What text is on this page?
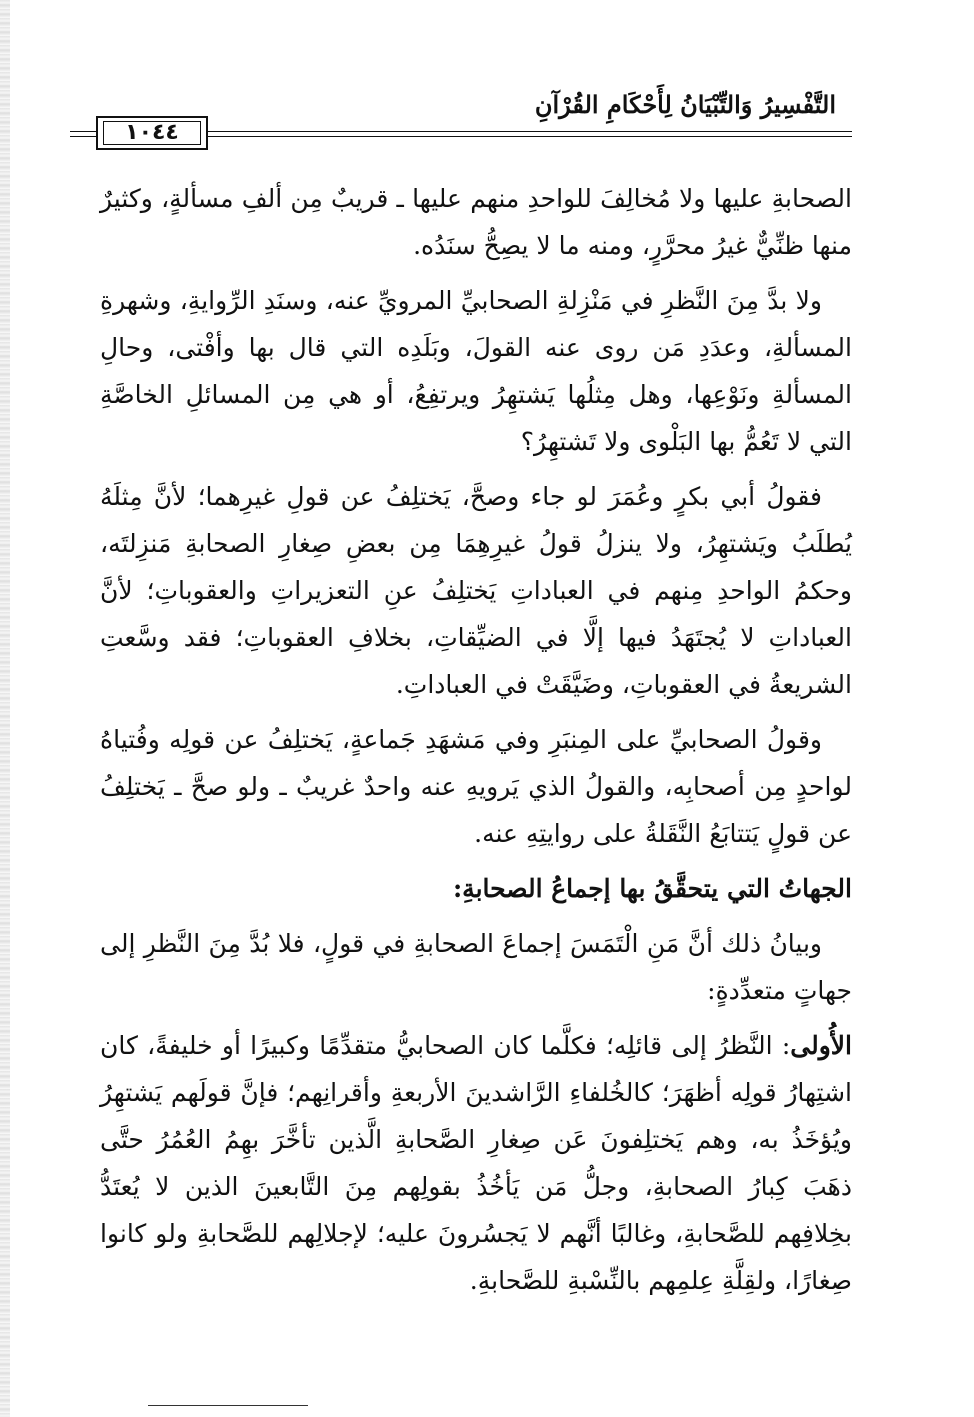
التَّفْسِيرُ وَالتِّبْيَانُ لِأَحْكَامِ القُرْآنِ
١٠٤٤

الصحابةِ عليها ولا مُخالِفَ للواحدِ منهم عليها ـ قريبٌ مِن ألفِ مسألةٍ، وكثيرٌ منها ظنِّيٌّ غيرُ محرَّرٍ، ومنه ما لا يصِحُّ سنَدُه.

ولا بدَّ مِنَ النَّظرِ في مَنْزِلةِ الصحابيِّ المرويِّ عنه، وسنَدِ الرِّوايةِ، وشهرةِ المسألةِ، وعدَدِ مَن روى عنه القولَ، وبَلَدِه التي قال بها وأفْتى، وحالِ المسألةِ ونَوْعِها، وهل مِثلُها يَشتهِرُ ويرتفِعُ، أو هي مِن المسائلِ الخاصَّةِ التي لا تَعُمُّ بها البَلْوى ولا تَشتهِرُ؟

فقولُ أبي بكرٍ وعُمَرَ لو جاء وصحَّ، يَختلِفُ عن قولِ غيرِهما؛ لأنَّ مِثلَهُ يُطلَبُ ويَشتهِرُ، ولا ينزلُ قولُ غيرِهِمَا مِن بعضِ صِغارِ الصحابةِ مَنزِلتَه، وحكمُ الواحدِ مِنهم في العباداتِ يَختلِفُ عنِ التعزيراتِ والعقوباتِ؛ لأنَّ العباداتِ لا يُجتَهَدُ فيها إلَّا في الضيِّقاتِ، بخلافِ العقوباتِ؛ فقد وسَّعتِ الشريعةُ في العقوباتِ، وضَيَّقَتْ في العباداتِ.

وقولُ الصحابيِّ على المِنبَرِ وفي مَشهَدِ جَماعةٍ، يَختلِفُ عن قولِه وفُتياهُ لواحدٍ مِن أصحابِه، والقولُ الذي يَرويهِ عنه واحدٌ غريبٌ ـ ولو صحَّ ـ يَختلِفُ عن قولٍ يَتتابَعُ النَّقَلةُ على روايتِهِ عنه.

الجهاتُ التي يتحقَّقُ بها إجماعُ الصحابةِ:

وبيانُ ذلك أنَّ مَنِ الْتَمَسَ إجماعَ الصحابةِ في قولٍ، فلا بُدَّ مِنَ النَّظرِ إلى جهاتٍ متعدِّدةٍ:

الأُولى: النَّظرُ إلى قائلِه؛ فكلَّما كان الصحابيُّ متقدِّمًا وكبيرًا أو خليفةً، كان اشتِهارُ قولِه أظهَرَ؛ كالخُلفاءِ الرَّاشدينَ الأربعةِ وأقرانِهم؛ فإنَّ قولَهم يَشتهِرُ ويُؤخَذُ به، وهم يَختلِفونَ عَن صِغارِ الصَّحابةِ الَّذين تأخَّرَ بهِمُ العُمُرُ حتَّى ذهَبَ كِبارُ الصحابةِ، وجلُّ مَن يَأخُذُ بقولِهم مِنَ التَّابعينَ الذين لا يُعتَدُّ بخِلافِهم للصَّحابةِ، وغالبًا أنَّهم لا يَجسُرونَ عليه؛ لإجلالِهم للصَّحابةِ ولو كانوا صِغارًا، ولقِلَّةِ عِلمِهم بالنِّسْبةِ للصَّحابةِ.
